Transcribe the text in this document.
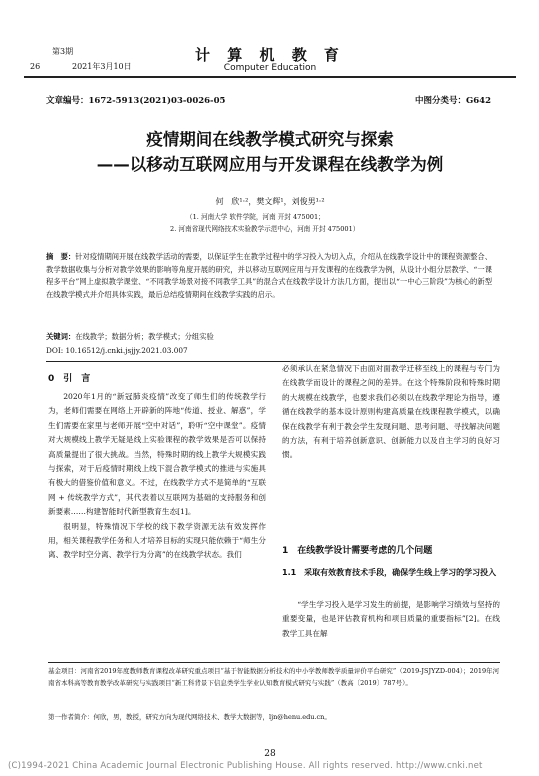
第3期
26	2021年3月10日
计 算 机 教 育
Computer Education
文章编号：1672-5913(2021)03-0026-05	中图分类号：G642
疫情期间在线教学模式研究与探索
——以移动互联网应用与开发课程在线教学为例
何　欣¹·²，樊文辉¹，刘俊男¹·²
（1. 河南大学 软件学院，河南 开封 475001；
2. 河南省现代网络技术实验教学示范中心，河南 开封 475001）
摘　要：针对疫情期间开展在线教学活动的需要，以保证学生在教学过程中的学习投入为切入点，介绍从在线教学设计中的课程资源整合、教学数据收集与分析对教学效果的影响等角度开展的研究，并以移动互联网应用与开发课程的在线教学为例，从设计小组分层教学、“一课程多平台”网上虚拟教学课堂、“不同教学场景对接不同教学工具”的混合式在线教学设计方法几方面，提出以“一中心三阶段”为核心的新型在线教学模式并介绍具体实践，最后总结疫情期间在线教学实践的启示。
关键词：在线教学；数据分析；教学模式；分组实验
DOI: 10.16512/j.cnki.jsjjy.2021.03.007
0　引　言

2020年1月的“新冠肺炎疫情”改变了师生们的传统教学行为，老师们需要在网络上开辟新的阵地“传道、授业、解惑”，学生们需要在家里与老师开展“空中对话”，聆听“空中课堂”。疫情对大规模线上教学无疑是线上实验课程的教学效果是否可以保持高质量提出了很大挑战。当然，特殊时期的线上教学大规模实践与探索，对于后疫情时期线上线下混合教学模式的推进与实施具有极大的借鉴价值和意义。不过，在线教学方式不是简单的“互联网 + 传统教学方式”，其代表着以互联网为基础的支持服务和创新要素……构建智能时代新型教育生态[1]。

很明显，特殊情况下学校的线下教学资源无法有效发挥作用，相关课程教学任务和人才培养目标的实现只能依赖于“师生分离、教学时空分离、教学行为分离”的在线教学状态。我们

必须承认在紧急情况下由面对面教学迁移至线上的课程与专门为在线教学而设计的课程之间的差异。在这个特殊阶段和特殊时期的大规模在线教学，也要求我们必须以在线教学理论为指导，遵循在线教学的基本设计原则构建高质量在线课程教学模式，以确保在线教学有利于教会学生发现问题、思考问题、寻找解决问题的方法，有利于培养创新意识、创新能力以及自主学习的良好习惯。
1　在线教学设计需要考虑的几个问题
1.1　采取有效教育技术手段，确保学生线上学习的学习投入
“学生学习投入是学习发生的前提，是影响学习绩效与坚持的重要变量，也是评估教育机构和项目质量的重要指标”[2]。在线教学工具在解
基金项目：河南省2019年度教师教育课程改革研究重点项目“基于智能数据分析技术的中小学教师教学质量评价平台研究”（2019-JSJYZD-004）；2019年河南省本科高等教育教学改革研究与实践项目“新工科背景下信息类学生学业认知教育模式研究与实践”（教高〔2019〕787号）。
第一作者简介：何欣，男，教授，研究方向为现代网络技术、教学大数据等，ljn@henu.edu.cn。
28
(C)1994-2021 China Academic Journal Electronic Publishing House. All rights reserved. http://www.cnki.net
